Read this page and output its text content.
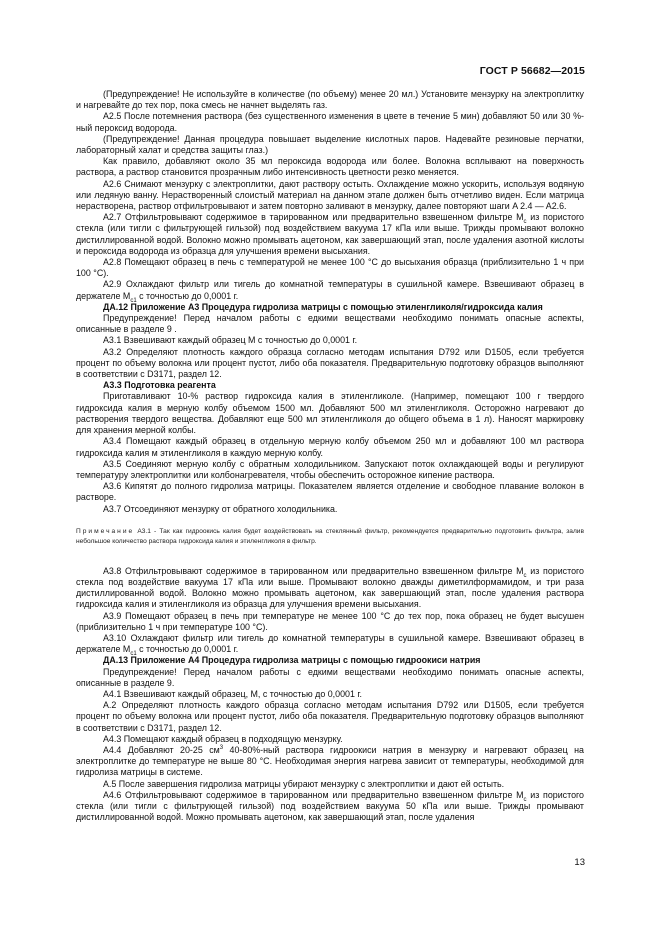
ГОСТ Р 56682—2015

(Предупреждение! Не используйте в количестве (по объему) менее 20 мл.) Установите мензурку на электроплитку и нагревайте до тех пор, пока смесь не начнет выделять газ.

A2.5 После потемнения раствора (без существенного изменения в цвете в течение 5 мин) добавляют 50 или 30 %-ный пероксид водорода.

(Предупреждение! Данная процедура повышает выделение кислотных паров. Надевайте резиновые перчатки, лабораторный халат и средства защиты глаз.)

Как правило, добавляют около 35 мл пероксида водорода или более. Волокна всплывают на поверхность раствора, а раствор становится прозрачным либо интенсивность цветности резко меняется.

A2.6 Снимают мензурку с электроплитки, дают раствору остыть. Охлаждение можно ускорить, используя водяную или ледяную ванну. Нерастворенный слоистый материал на данном этапе должен быть отчетливо виден. Если матрица нерастворена, раствор отфильтровывают и затем повторно заливают в мензурку, далее повторяют шаги A 2.4 — A2.6.

A2.7 Отфильтровывают содержимое в тарированном или предварительно взвешенном фильтре $M_c$ из пористого стекла (или тигли с фильтрующей гильзой) под воздействием вакуума 17 кПа или выше. Трижды промывают волокно дистиллированной водой. Волокно можно промывать ацетоном, как завершающий этап, после удаления азотной кислоты и пероксида водорода из образца для улучшения времени высыхания.

A2.8 Помещают образец в печь с температурой не менее 100 °С до высыхания образца (приблизительно 1 ч при 100 °С).

A2.9 Охлаждают фильтр или тигель до комнатной температуры в сушильной камере. Взвешивают образец в держателе $M_{c1}$ с точностью до 0,0001 г.

ДА.12 Приложение A3 Процедура гидролиза матрицы с помощью этиленгликоля/гидроксида калия

Предупреждение! Перед началом работы с едкими веществами необходимо понимать опасные аспекты, описанные в разделе 9 .

A3.1 Взвешивают каждый образец M с точностью до 0,0001 г.

A3.2 Определяют плотность каждого образца согласно методам испытания D792 или D1505, если требуется процент по объему волокна или процент пустот, либо оба показателя. Предварительную подготовку образцов выполняют в соответствии с D3171, раздел 12.

A3.3 Подготовка реагента

Приготавливают 10-% раствор гидроксида калия в этиленгликоле. (Например, помещают 100 г твердого гидроксида калия в мерную колбу объемом 1500 мл. Добавляют 500 мл этиленгликоля. Осторожно нагревают до растворения твердого вещества. Добавляют еще 500 мл этиленгликоля до общего объема в 1 л). Наносят маркировку для хранения мерной колбы.

A3.4 Помещают каждый образец в отдельную мерную колбу объемом 250 мл и добавляют 100 мл раствора гидроксида калия м этиленгликоля в каждую мерную колбу.

A3.5 Соединяют мерную колбу с обратным холодильником. Запускают поток охлаждающей воды и регулируют температуру электроплитки или колбонагревателя, чтобы обеспечить осторожное кипение раствора.

A3.6 Кипятят до полного гидролиза матрицы. Показателем является отделение и свободное плавание волокон в растворе.

A3.7 Отсоединяют мензурку от обратного холодильника.

Примечание A3.1 - Так как гидроокись калия будет воздействовать на стеклянный фильтр, рекомендуется предварительно подготовить фильтра, залив небольшое количество раствора гидроксида калия и этиленгликоля в фильтр.

A3.8 Отфильтровывают содержимое в тарированном или предварительно взвешенном фильтре $M_c$ из пористого стекла под воздействие вакуума 17 кПа или выше. Промывают волокно дважды диметилформамидом, и три раза дистиллированной водой. Волокно можно промывать ацетоном, как завершающий этап, после удаления раствора гидроксида калия и этиленгликоля из образца для улучшения времени высыхания.

A3.9 Помещают образец в печь при температуре не менее 100 °С до тех пор, пока образец не будет высушен (приблизительно 1 ч при температуре 100 °С).

A3.10 Охлаждают фильтр или тигель до комнатной температуры в сушильной камере. Взвешивают образец в держателе $M_{c1}$ с точностью до 0,0001 г.

ДА.13 Приложение A4 Процедура гидролиза матрицы с помощью гидроокиси натрия

Предупреждение! Перед началом работы с едкими веществами необходимо понимать опасные аспекты, описанные в разделе 9.

A4.1 Взвешивают каждый образец, M, с точностью до 0,0001 г.

A.2 Определяют плотность каждого образца согласно методам испытания D792 или D1505, если требуется процент по объему волокна или процент пустот, либо оба показателя. Предварительную подготовку образцов выполняют в соответствии с D3171, раздел 12.

A4.3 Помещают каждый образец в подходящую мензурку.

A4.4 Добавляют 20-25 $см^3$ 40-80%-ный раствора гидроокиси натрия в мензурку и нагревают образец на электроплитке до температуре не выше 80 °С. Необходимая энергия нагрева зависит от температуры, необходимой для гидролиза матрицы в системе.

A.5 После завершения гидролиза матрицы убирают мензурку с электроплитки и дают ей остыть.

A4.6 Отфильтровывают содержимое в тарированном или предварительно взвешенном фильтре $M_c$ из пористого стекла (или тигли с фильтрующей гильзой) под воздействием вакуума 50 кПа или выше. Трижды промывают дистиллированной водой. Можно промывать ацетоном, как завершающий этап, после удаления

13
